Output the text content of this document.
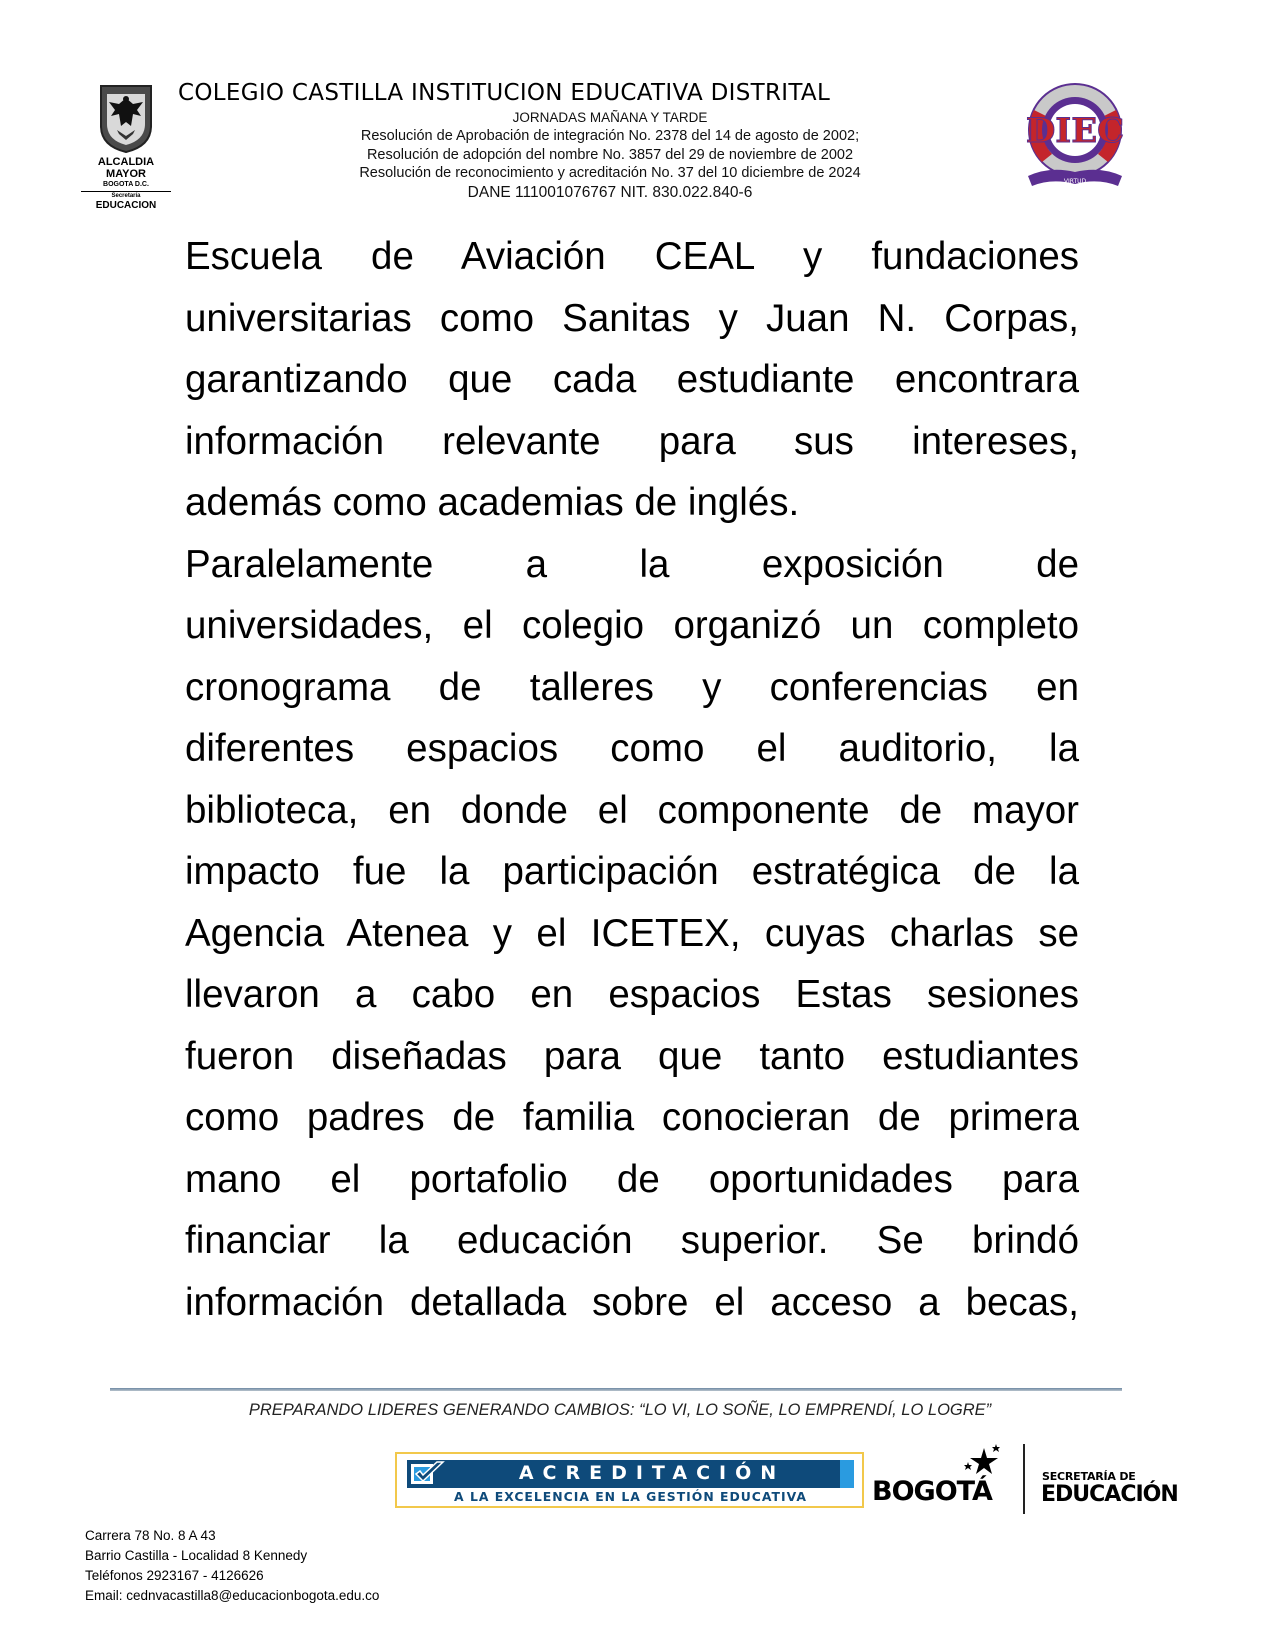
ALCALDIA MAYOR
BOGOTA D.C.
Secretaría
EDUCACION
COLEGIO CASTILLA INSTITUCION EDUCATIVA DISTRITAL
JORNADAS MAÑANA Y TARDE
Resolución de Aprobación de integración No. 2378 del 14 de agosto de 2002;
Resolución de adopción del nombre No. 3857 del 29 de noviembre de 2002
Resolución de reconocimiento y acreditación No. 37 del 10 diciembre de 2024
DANE 111001076767 NIT. 830.022.840-6
DIEC
VIRTUD
Escuela de Aviación CEAL y fundaciones
universitarias como Sanitas y Juan N. Corpas,
garantizando que cada estudiante encontrara
información relevante para sus intereses,
además como academias de inglés.
Paralelamente a la exposición de
universidades, el colegio organizó un completo
cronograma de talleres y conferencias en
diferentes espacios como el auditorio, la
biblioteca, en donde el componente de mayor
impacto fue la participación estratégica de la
Agencia Atenea y el ICETEX, cuyas charlas se
llevaron a cabo en espacios Estas sesiones
fueron diseñadas para que tanto estudiantes
como padres de familia conocieran de primera
mano el portafolio de oportunidades para
financiar la educación superior. Se brindó
información detallada sobre el acceso a becas,
PREPARANDO LIDERES GENERANDO CAMBIOS: “LO VI, LO SOÑE, LO EMPRENDÍ, LO LOGRE”
Carrera 78 No. 8 A 43
Barrio Castilla - Localidad 8 Kennedy
Teléfonos 2923167 - 4126626
Email: cednvacastilla8@educacionbogota.edu.co
ACREDITACIÓN
A LA EXCELENCIA EN LA GESTIÓN EDUCATIVA	BOGOTÁ	SECRETARÍA DE
EDUCACIÓN
